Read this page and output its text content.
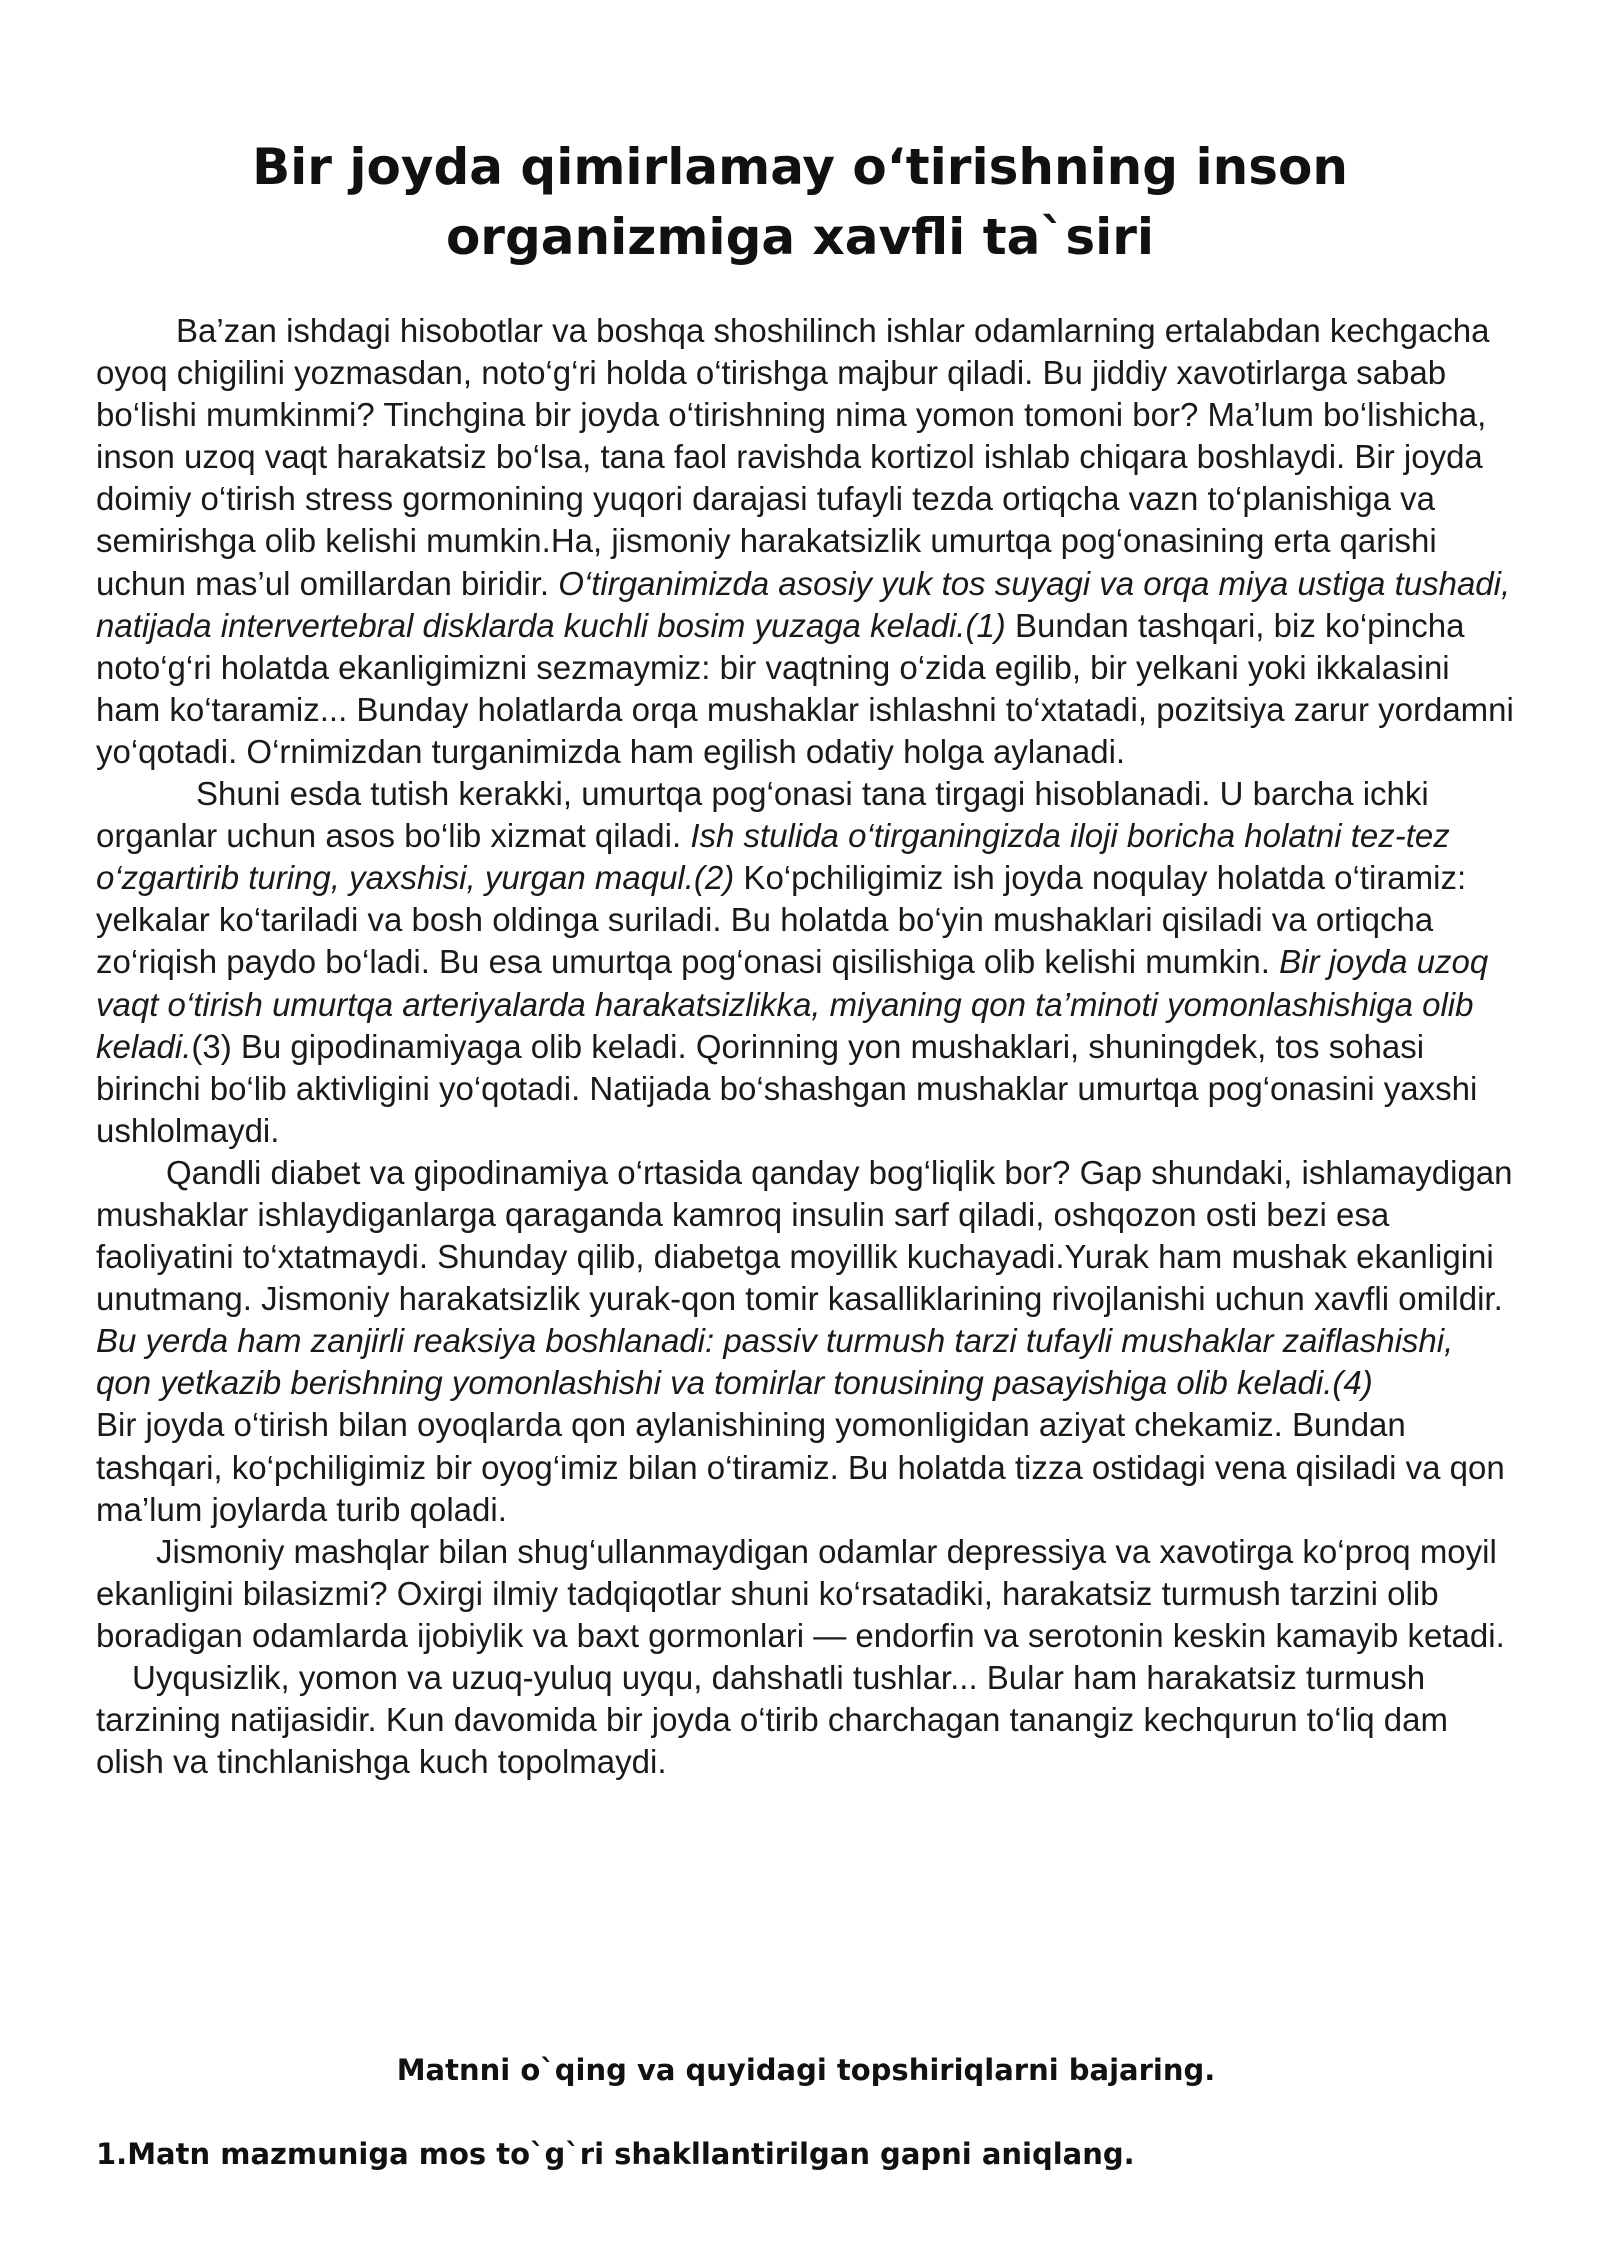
Bir joyda qimirlamay o‘tirishning inson
organizmiga xavfli ta`siri

Ba’zan ishdagi hisobotlar va boshqa shoshilinch ishlar odamlarning ertalabdan kechgacha oyoq chigilini yozmasdan, noto‘g‘ri holda o‘tirishga majbur qiladi. Bu jiddiy xavotirlarga sabab bo‘lishi mumkinmi? Tinchgina bir joyda o‘tirishning nima yomon tomoni bor? Ma’lum bo‘lishicha, inson uzoq vaqt harakatsiz bo‘lsa, tana faol ravishda kortizol ishlab chiqara boshlaydi. Bir joyda doimiy o‘tirish stress gormonining yuqori darajasi tufayli tezda ortiqcha vazn to‘planishiga va semirishga olib kelishi mumkin.Ha, jismoniy harakatsizlik umurtqa pog‘onasining erta qarishi uchun mas’ul omillardan biridir. O‘tirganimizda asosiy yuk tos suyagi va orqa miya ustiga tushadi, natijada intervertebral disklarda kuchli bosim yuzaga keladi.(1) Bundan tashqari, biz ko‘pincha noto‘g‘ri holatda ekanligimizni sezmaymiz: bir vaqtning o‘zida egilib, bir yelkani yoki ikkalasini ham ko‘taramiz... Bunday holatlarda orqa mushaklar ishlashni to‘xtatadi, pozitsiya zarur yordamni yo‘qotadi. O‘rnimizdan turganimizda ham egilish odatiy holga aylanadi.

Shuni esda tutish kerakki, umurtqa pog‘onasi tana tirgagi hisoblanadi. U barcha ichki organlar uchun asos bo‘lib xizmat qiladi. Ish stulida o‘tirganingizda iloji boricha holatni tez-tez o‘zgartirib turing, yaxshisi, yurgan maqul.(2) Ko‘pchiligimiz ish joyda noqulay holatda o‘tiramiz: yelkalar ko‘tariladi va bosh oldinga suriladi. Bu holatda bo‘yin mushaklari qisiladi va ortiqcha zo‘riqish paydo bo‘ladi. Bu esa umurtqa pog‘onasi qisilishiga olib kelishi mumkin. Bir joyda uzoq vaqt o‘tirish umurtqa arteriyalarda harakatsizlikka, miyaning qon ta’minoti yomonlashishiga olib keladi.(3) Bu gipodinamiyaga olib keladi. Qorinning yon mushaklari, shuningdek, tos sohasi birinchi bo‘lib aktivligini yo‘qotadi. Natijada bo‘shashgan mushaklar umurtqa pog‘onasini yaxshi ushlolmaydi.

Qandli diabet va gipodinamiya o‘rtasida qanday bog‘liqlik bor? Gap shundaki, ishlamaydigan mushaklar ishlaydiganlarga qaraganda kamroq insulin sarf qiladi, oshqozon osti bezi esa faoliyatini to‘xtatmaydi. Shunday qilib, diabetga moyillik kuchayadi.Yurak ham mushak ekanligini unutmang. Jismoniy harakatsizlik yurak-qon tomir kasalliklarining rivojlanishi uchun xavfli omildir. Bu yerda ham zanjirli reaksiya boshlanadi: passiv turmush tarzi tufayli mushaklar zaiflashishi, qon yetkazib berishning yomonlashishi va tomirlar tonusining pasayishiga olib keladi.(4)

Bir joyda o‘tirish bilan oyoqlarda qon aylanishining yomonligidan aziyat chekamiz. Bundan tashqari, ko‘pchiligimiz bir oyog‘imiz bilan o‘tiramiz. Bu holatda tizza ostidagi vena qisiladi va qon ma’lum joylarda turib qoladi.

Jismoniy mashqlar bilan shug‘ullanmaydigan odamlar depressiya va xavotirga ko‘proq moyil ekanligini bilasizmi? Oxirgi ilmiy tadqiqotlar shuni ko‘rsatadiki, harakatsiz turmush tarzini olib boradigan odamlarda ijobiylik va baxt gormonlari — endorfin va serotonin keskin kamayib ketadi.

Uyqusizlik, yomon va uzuq-yuluq uyqu, dahshatli tushlar... Bular ham harakatsiz turmush tarzining natijasidir. Kun davomida bir joyda o‘tirib charchagan tanangiz kechqurun to‘liq dam olish va tinchlanishga kuch topolmaydi.

Matnni o`qing va quyidagi topshiriqlarni bajaring.

1.Matn mazmuniga mos to`g`ri shakllantirilgan gapni aniqlang.
